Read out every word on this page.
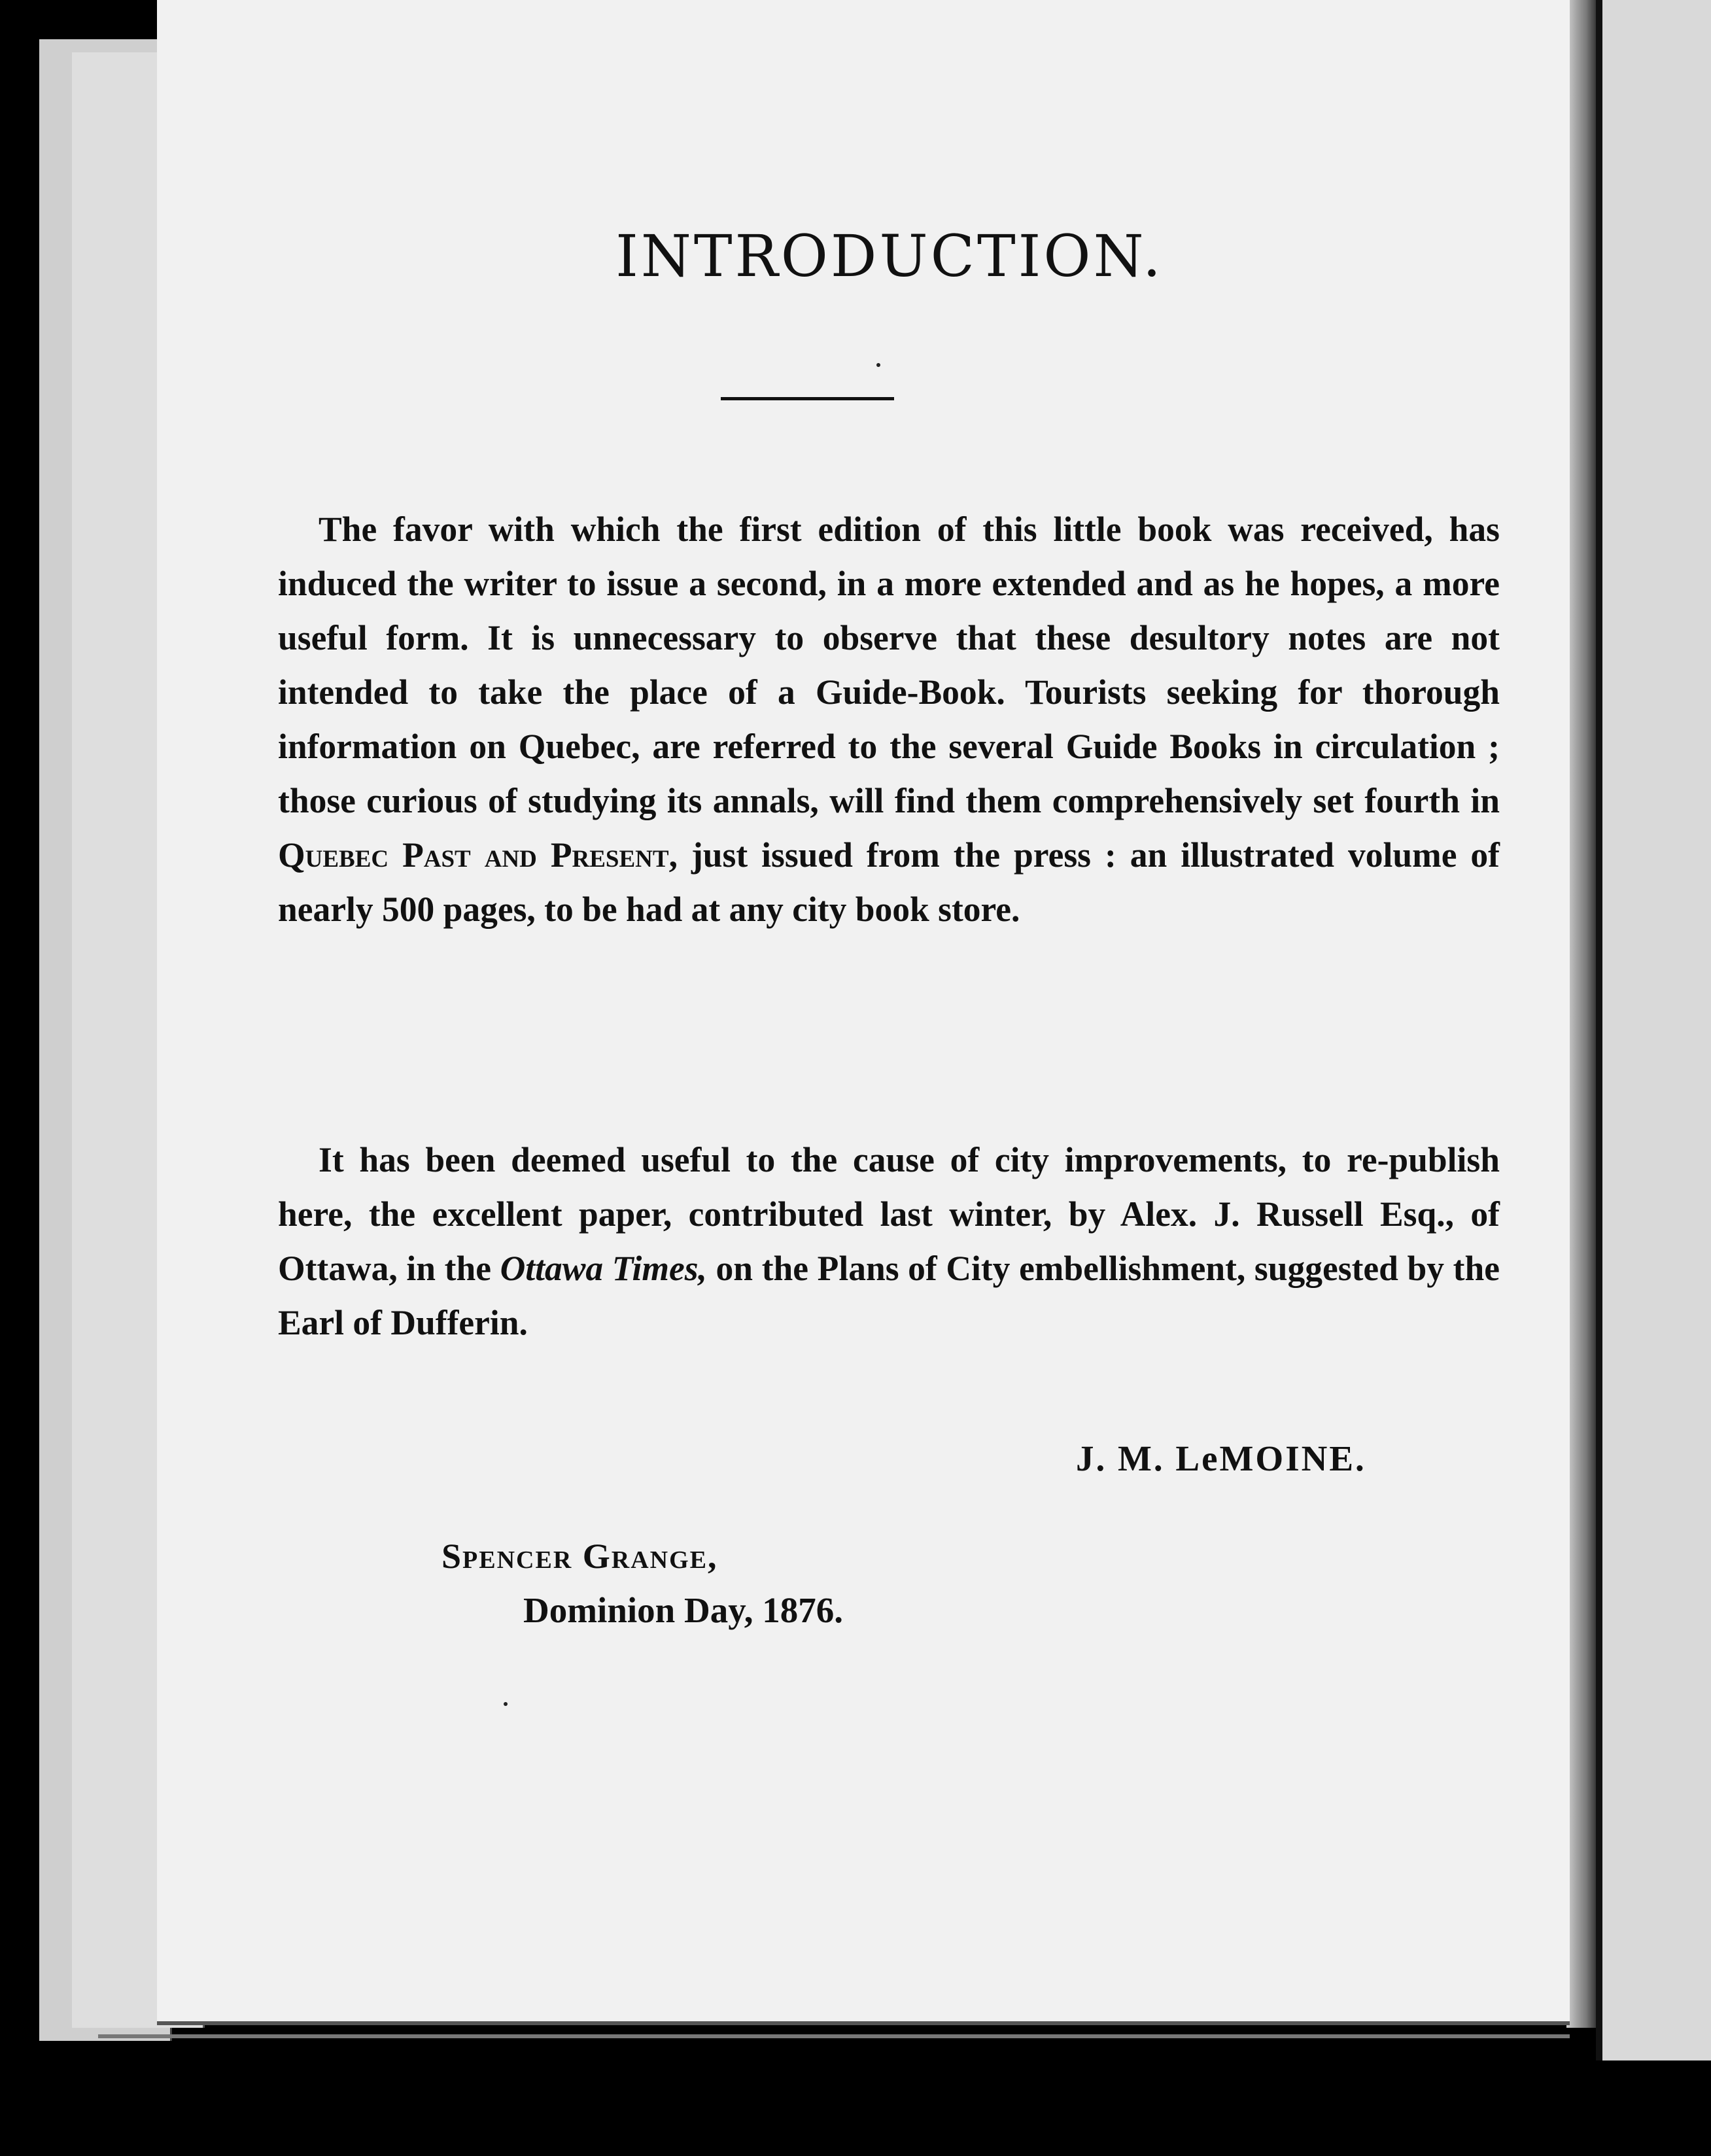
INTRODUCTION.
The favor with which the first edition of this little book was received, has induced the writer to issue a second, in a more extended and as he hopes, a more useful form. It is unnecessary to observe that these desultory notes are not intended to take the place of a Guide-Book. Tourists seeking for thorough information on Quebec, are referred to the several Guide Books in circulation ; those curious of studying its annals, will find them comprehensively set fourth in Quebec Past and Present, just issued from the press : an illustrated volume of nearly 500 pages, to be had at any city book store.
It has been deemed useful to the cause of city improvements, to re-publish here, the excellent paper, contributed last winter, by Alex. J. Russell Esq., of Ottawa, in the Ottawa Times, on the Plans of City embellishment, suggested by the Earl of Dufferin.
J. M. LeMOINE.
Spencer Grange,
Dominion Day, 1876.
